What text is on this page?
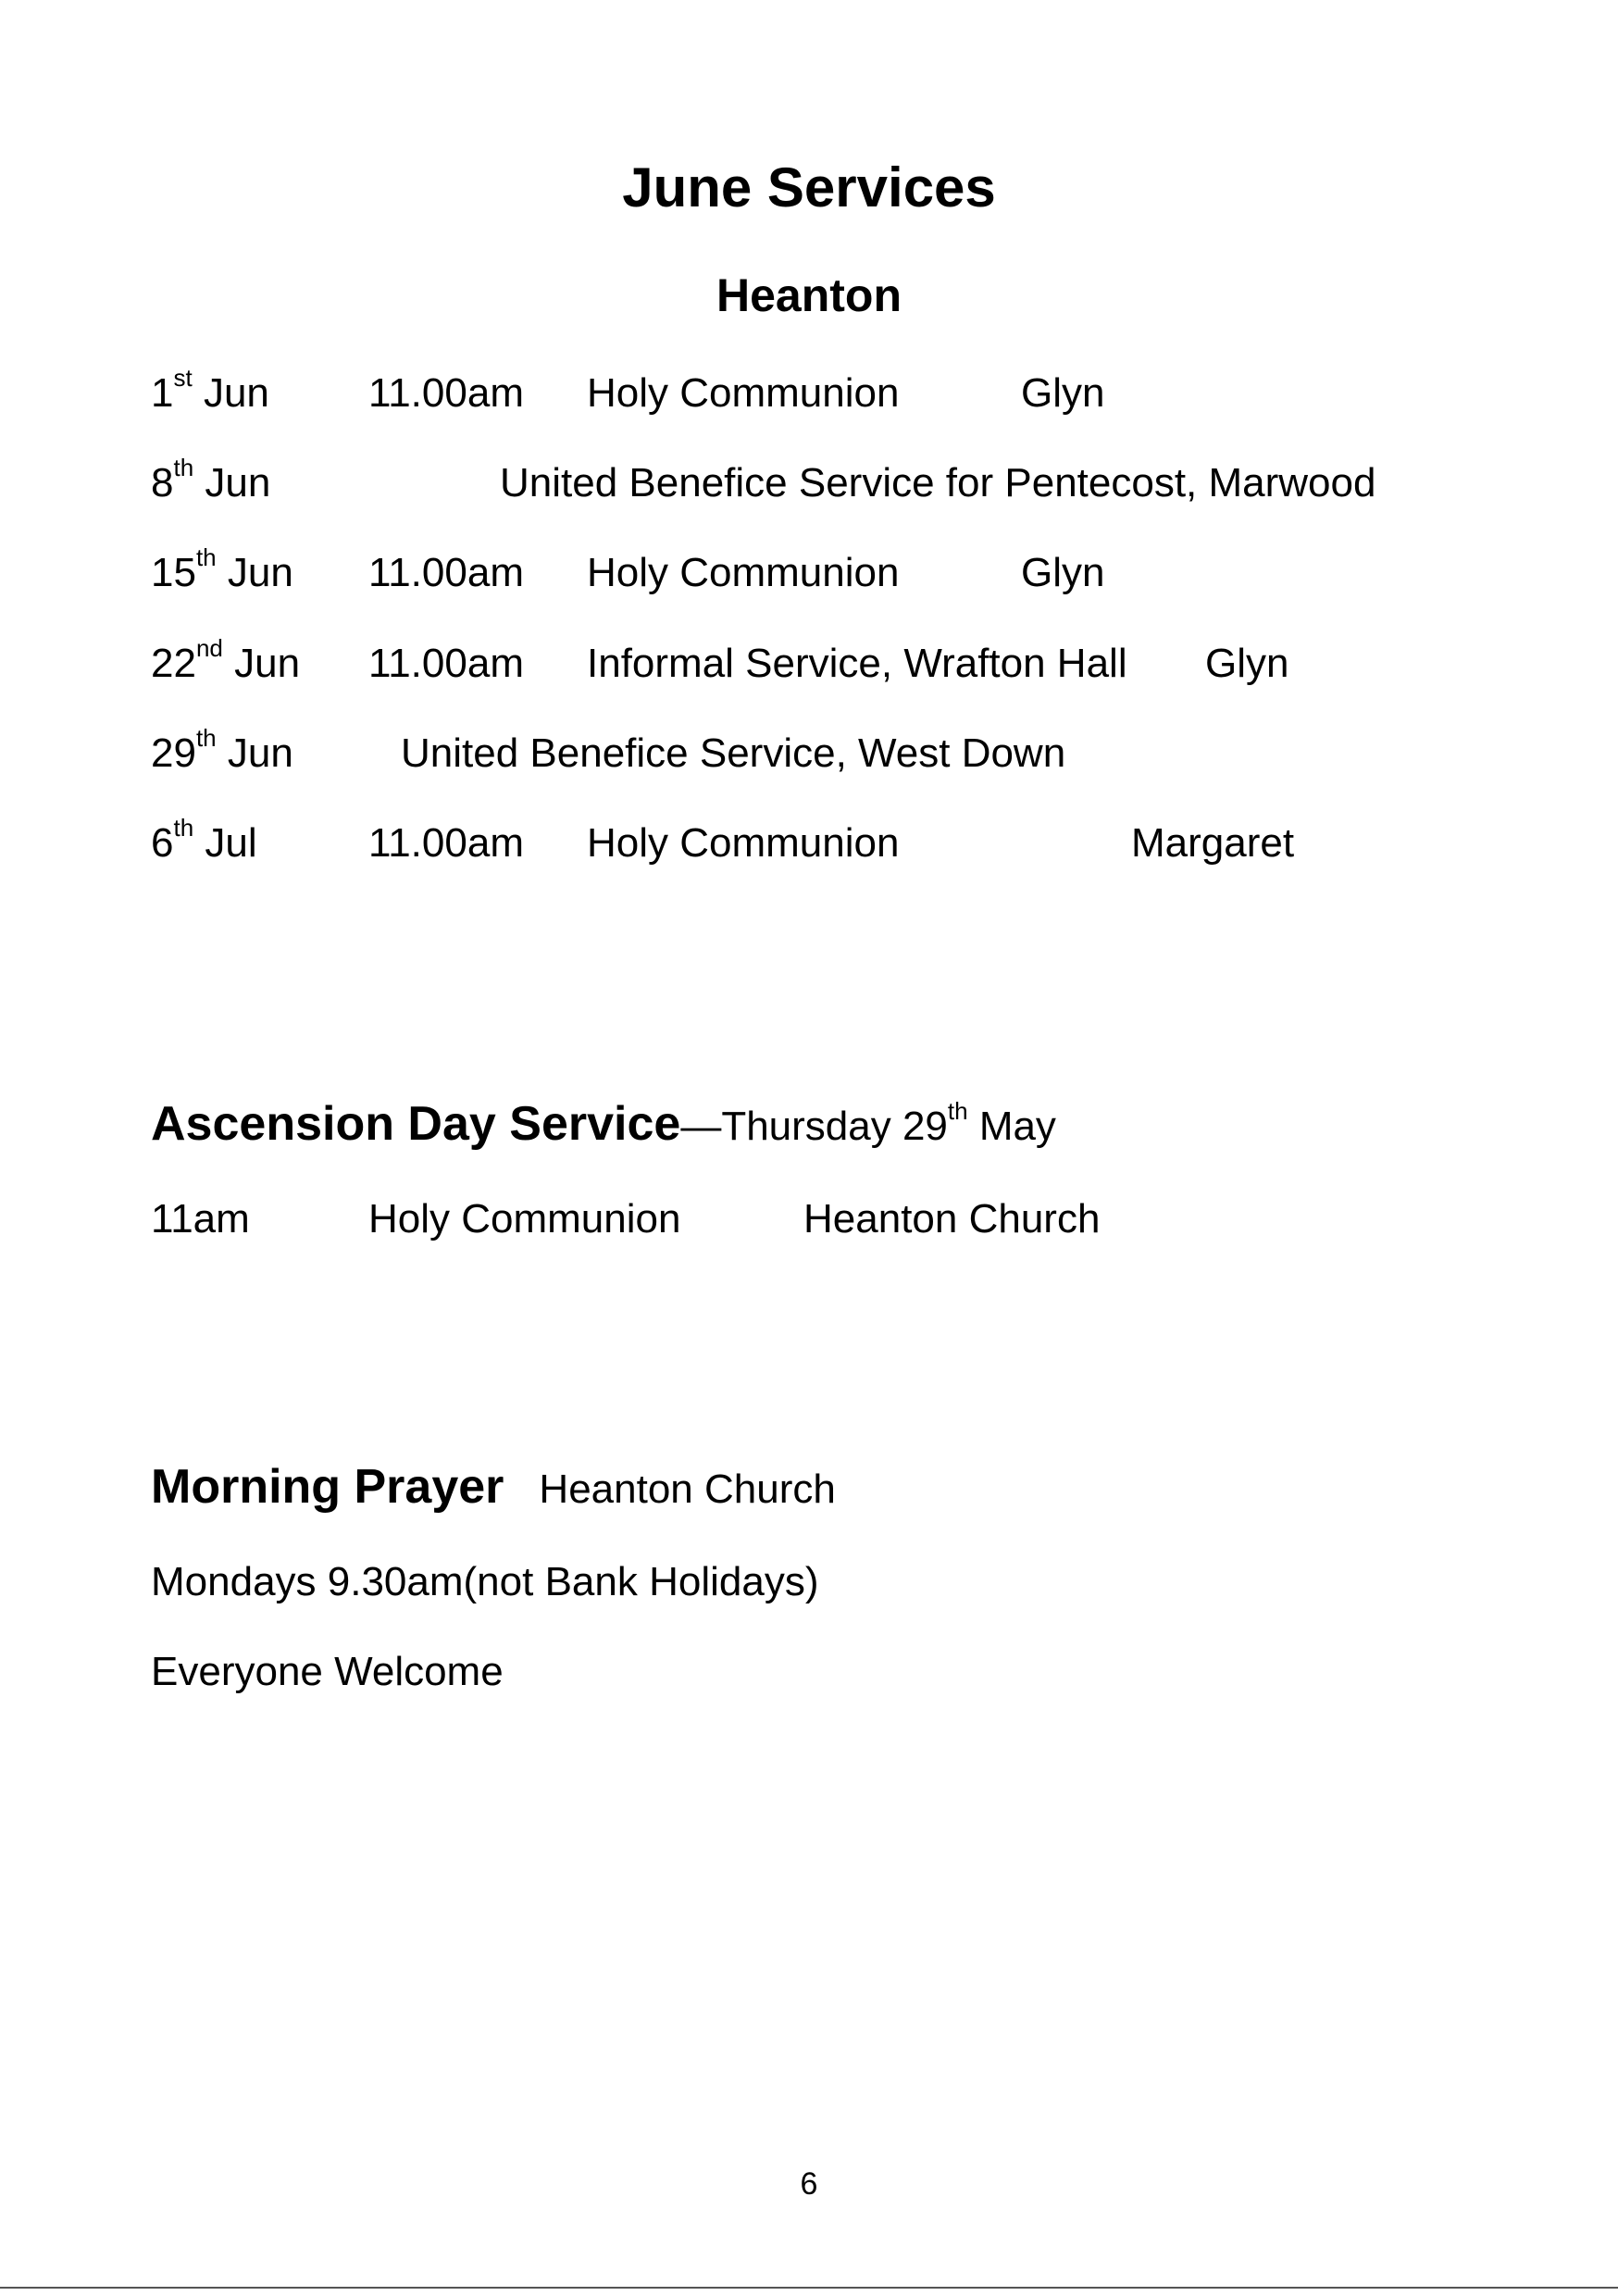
June Services
Heanton
1st Jun 11.00am Holy Communion	Glyn
8th Jun	United Benefice Service for Pentecost, Marwood
15th Jun 11.00am Holy Communion	Glyn
22nd Jun 11.00am Informal Service, Wrafton Hall Glyn
29th Jun	United Benefice Service, West Down
6th Jul	11.00am Holy Communion	Margaret
Ascension Day Service—Thursday 29th May
11am	Holy Communion	Heanton Church
Morning Prayer Heanton Church
Mondays 9.30am(not Bank Holidays)
Everyone Welcome
6
